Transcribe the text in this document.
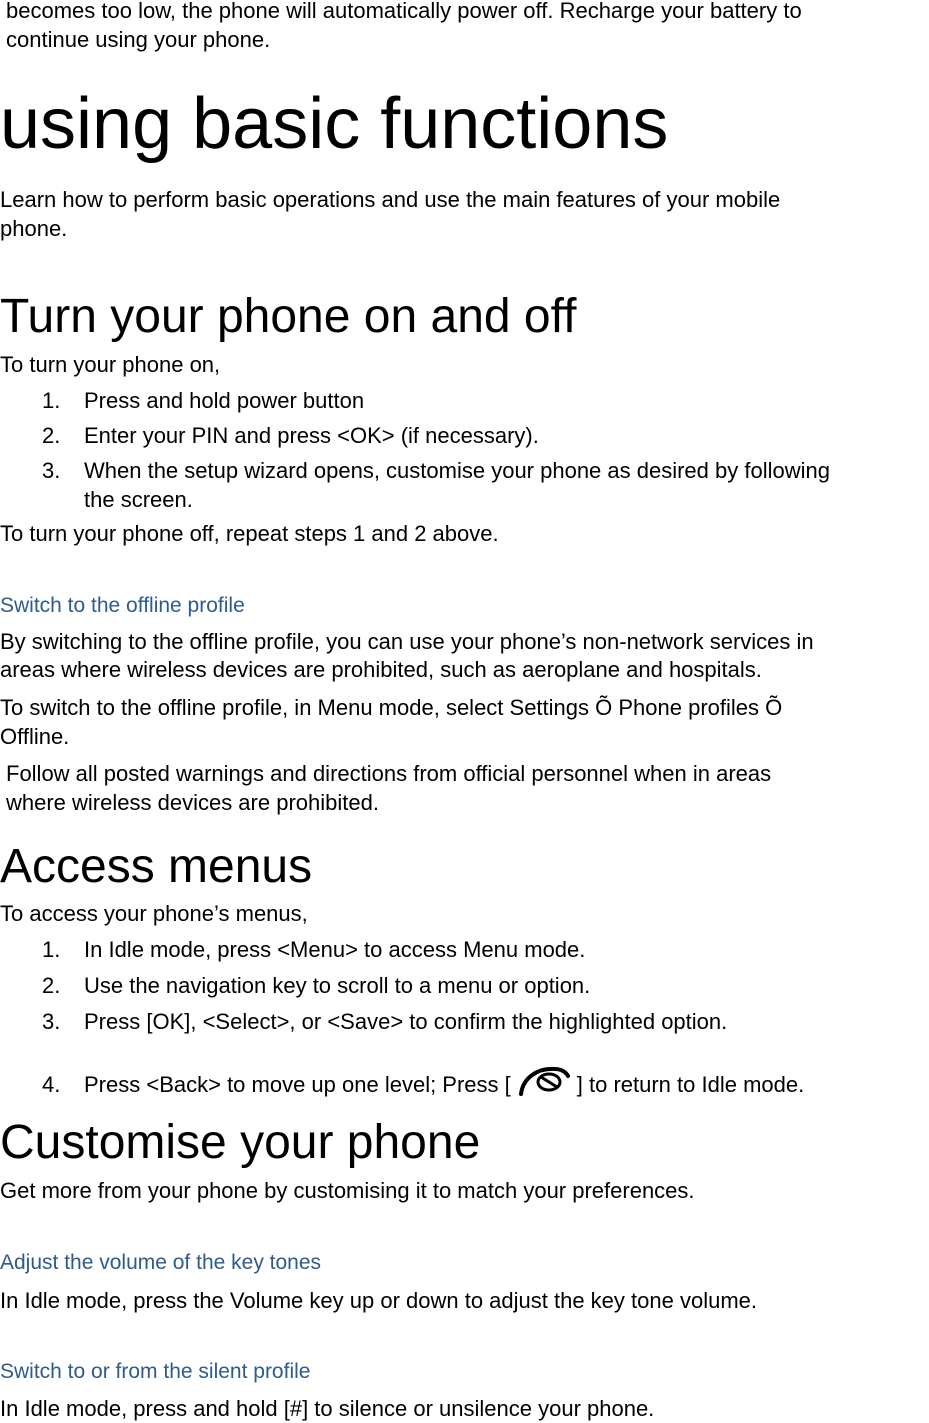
becomes too low, the phone will automatically power off. Recharge your battery to
continue using your phone.
using basic functions
Learn how to perform basic operations and use the main features of your mobile
phone.
Turn your phone on and off
To turn your phone on,
1. Press and hold power button
2. Enter your PIN and press <OK> (if necessary).
3. When the setup wizard opens, customise your phone as desired by following
the screen.
To turn your phone off, repeat steps 1 and 2 above.
Switch to the offline profile
By switching to the offline profile, you can use your phone’s non-network services in
areas where wireless devices are prohibited, such as aeroplane and hospitals.
To switch to the offline profile, in Menu mode, select Settings Õ Phone profiles Õ
Offline.
Follow all posted warnings and directions from official personnel when in areas
where wireless devices are prohibited.
Access menus
To access your phone’s menus,
1. In Idle mode, press <Menu> to access Menu mode.
2. Use the navigation key to scroll to a menu or option.
3. Press [OK], <Select>, or <Save> to confirm the highlighted option.
4. Press <Back> to move up one level; Press [	] to return to Idle mode.
Customise your phone
Get more from your phone by customising it to match your preferences.
Adjust the volume of the key tones
In Idle mode, press the Volume key up or down to adjust the key tone volume.
Switch to or from the silent profile
In Idle mode, press and hold [#] to silence or unsilence your phone.
